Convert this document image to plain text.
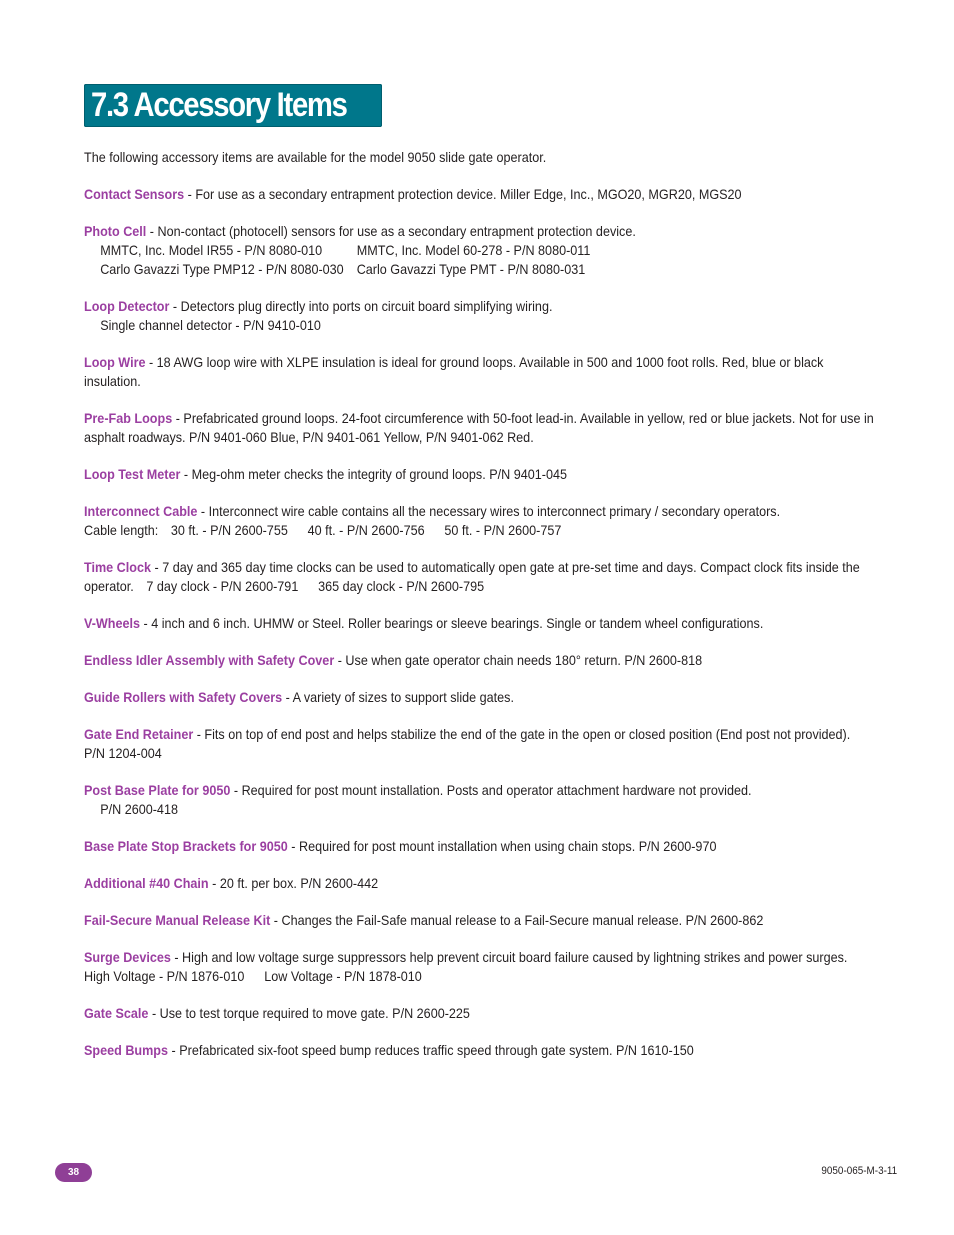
7.3 Accessory Items

The following accessory items are available for the model 9050 slide gate operator.

Contact Sensors - For use as a secondary entrapment protection device. Miller Edge, Inc., MGO20, MGR20, MGS20

Photo Cell - Non-contact (photocell) sensors for use as a secondary entrapment protection device.
MMTC, Inc. Model IR55 - P/N 8080-010 MMTC, Inc. Model 60-278 - P/N 8080-011
Carlo Gavazzi Type PMP12 - P/N 8080-030 Carlo Gavazzi Type PMT - P/N 8080-031

Loop Detector - Detectors plug directly into ports on circuit board simplifying wiring.
Single channel detector - P/N 9410-010

Loop Wire - 18 AWG loop wire with XLPE insulation is ideal for ground loops. Available in 500 and 1000 foot rolls. Red, blue or black insulation.

Pre-Fab Loops - Prefabricated ground loops. 24-foot circumference with 50-foot lead-in. Available in yellow, red or blue jackets. Not for use in asphalt roadways. P/N 9401-060 Blue, P/N 9401-061 Yellow, P/N 9401-062 Red.

Loop Test Meter - Meg-ohm meter checks the integrity of ground loops. P/N 9401-045

Interconnect Cable - Interconnect wire cable contains all the necessary wires to interconnect primary / secondary operators.
Cable length: 30 ft. - P/N 2600-755 40 ft. - P/N 2600-756 50 ft. - P/N 2600-757

Time Clock - 7 day and 365 day time clocks can be used to automatically open gate at pre-set time and days. Compact clock fits inside the operator. 7 day clock - P/N 2600-791 365 day clock - P/N 2600-795

V-Wheels - 4 inch and 6 inch. UHMW or Steel. Roller bearings or sleeve bearings. Single or tandem wheel configurations.

Endless Idler Assembly with Safety Cover - Use when gate operator chain needs 180° return. P/N 2600-818

Guide Rollers with Safety Covers - A variety of sizes to support slide gates.

Gate End Retainer - Fits on top of end post and helps stabilize the end of the gate in the open or closed position (End post not provided). P/N 1204-004

Post Base Plate for 9050 - Required for post mount installation. Posts and operator attachment hardware not provided.
P/N 2600-418

Base Plate Stop Brackets for 9050 - Required for post mount installation when using chain stops. P/N 2600-970

Additional #40 Chain - 20 ft. per box. P/N 2600-442

Fail-Secure Manual Release Kit - Changes the Fail-Safe manual release to a Fail-Secure manual release. P/N 2600-862

Surge Devices - High and low voltage surge suppressors help prevent circuit board failure caused by lightning strikes and power surges.High Voltage - P/N 1876-010 Low Voltage - P/N 1878-010

Gate Scale - Use to test torque required to move gate. P/N 2600-225

Speed Bumps - Prefabricated six-foot speed bump reduces traffic speed through gate system. P/N 1610-150

38	9050-065-M-3-11
